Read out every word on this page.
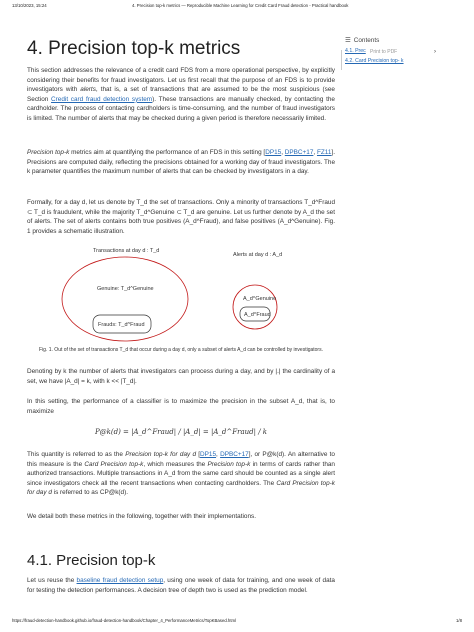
13/10/2023, 15:24	4. Precision top-k metrics — Reproducible Machine Learning for Credit Card Fraud detection - Practical handbook
4. Precision top-k metrics

This section addresses the relevance of a credit card FDS from a more operational perspective, by explicitly considering their benefits for fraud investigators. Let us first recall that the purpose of an FDS is to provide investigators with alerts, that is, a set of transactions that are assumed to be the most suspicious (see Section Credit card fraud detection system). These transactions are manually checked, by contacting the cardholder. The process of contacting cardholders is time-consuming, and the number of fraud investigators is limited. The number of alerts that may be checked during a given period is therefore necessarily limited.

Precision top-k metrics aim at quantifying the performance of an FDS in this setting [DP15, DPBC+17, FZ11]. Precisions are computed daily, reflecting the precisions obtained for a working day of fraud investigators. The k parameter quantifies the maximum number of alerts that can be checked by investigators in a day.

Formally, for a day d, let us denote by T_d the set of transactions. Only a minority of transactions T_d^Fraud ⊂ T_d is fraudulent, while the majority T_d^Genuine ⊂ T_d are genuine. Let us further denote by A_d the set of alerts. The set of alerts contains both true positives (A_d^Fraud), and false positives (A_d^Genuine). Fig. 1 provides a schematic illustration.

Transactions at day d : T_d
Alerts at day d : A_d
Genuine: T_d^Genuine
Frauds: T_d^Fraud
A_d^Genuine
A_d^Fraud
Fig. 1. Out of the set of transactions T_d that occur during a day d, only a subset of alerts A_d can be controlled by investigators.

Denoting by k the number of alerts that investigators can process during a day, and by |.| the cardinality of a set, we have |A_d| = k, with k << |T_d|.

In this setting, the performance of a classifier is to maximize the precision in the subset A_d, that is, to maximize

P@k(d) = |A_d^Fraud| / |A_d| = |A_d^Fraud| / k

This quantity is referred to as the Precision top-k for day d [DP15, DPBC+17], or P@k(d). An alternative to this measure is the Card Precision top-k, which measures the Precision top-k in terms of cards rather than authorized transactions. Multiple transactions in A_d from the same card should be counted as a single alert since investigators check all the recent transactions when contacting cardholders. The Card Precision top-k for day d is referred to as CP@k(d).

We detail both these metrics in the following, together with their implementations.

4.1. Precision top-k

Let us reuse the baseline fraud detection setup, using one week of data for training, and one week of data for testing the detection performances. A decision tree of depth two is used as the prediction model.

☰ Contents
4.1. Prec
4.2. Card Precision top- k
Print to PDF	›
https://fraud-detection-handbook.github.io/fraud-detection-handbook/Chapter_4_PerformanceMetrics/TopKBased.html	1/8
